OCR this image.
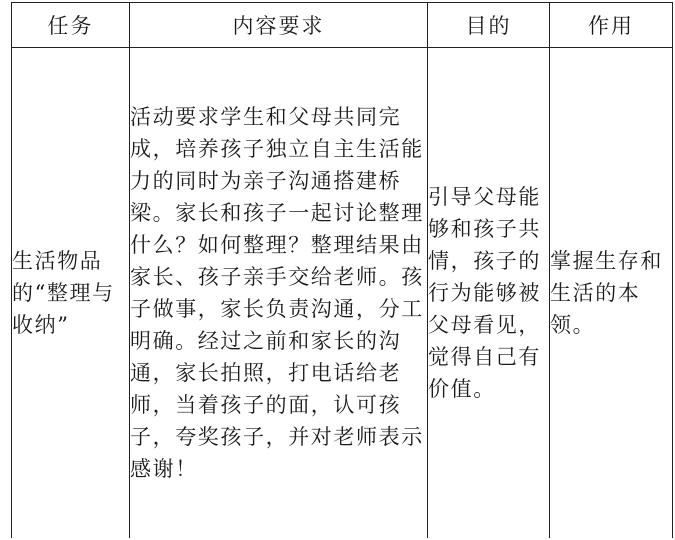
任务	内容要求	目的	作用

生活物品的“整理与收纳”	活动要求学生和父母共同完成，培养孩子独立自主生活能力的同时为亲子沟通搭建桥梁。家长和孩子一起讨论整理什么？如何整理？整理结果由家长、孩子亲手交给老师。孩子做事，家长负责沟通，分工明确。经过之前和家长的沟通，家长拍照，打电话给老师，当着孩子的面，认可孩子，夸奖孩子，并对老师表示感谢！	引导父母能够和孩子共情，孩子的行为能够被父母看见，觉得自己有价值。	掌握生存和生活的本领。
